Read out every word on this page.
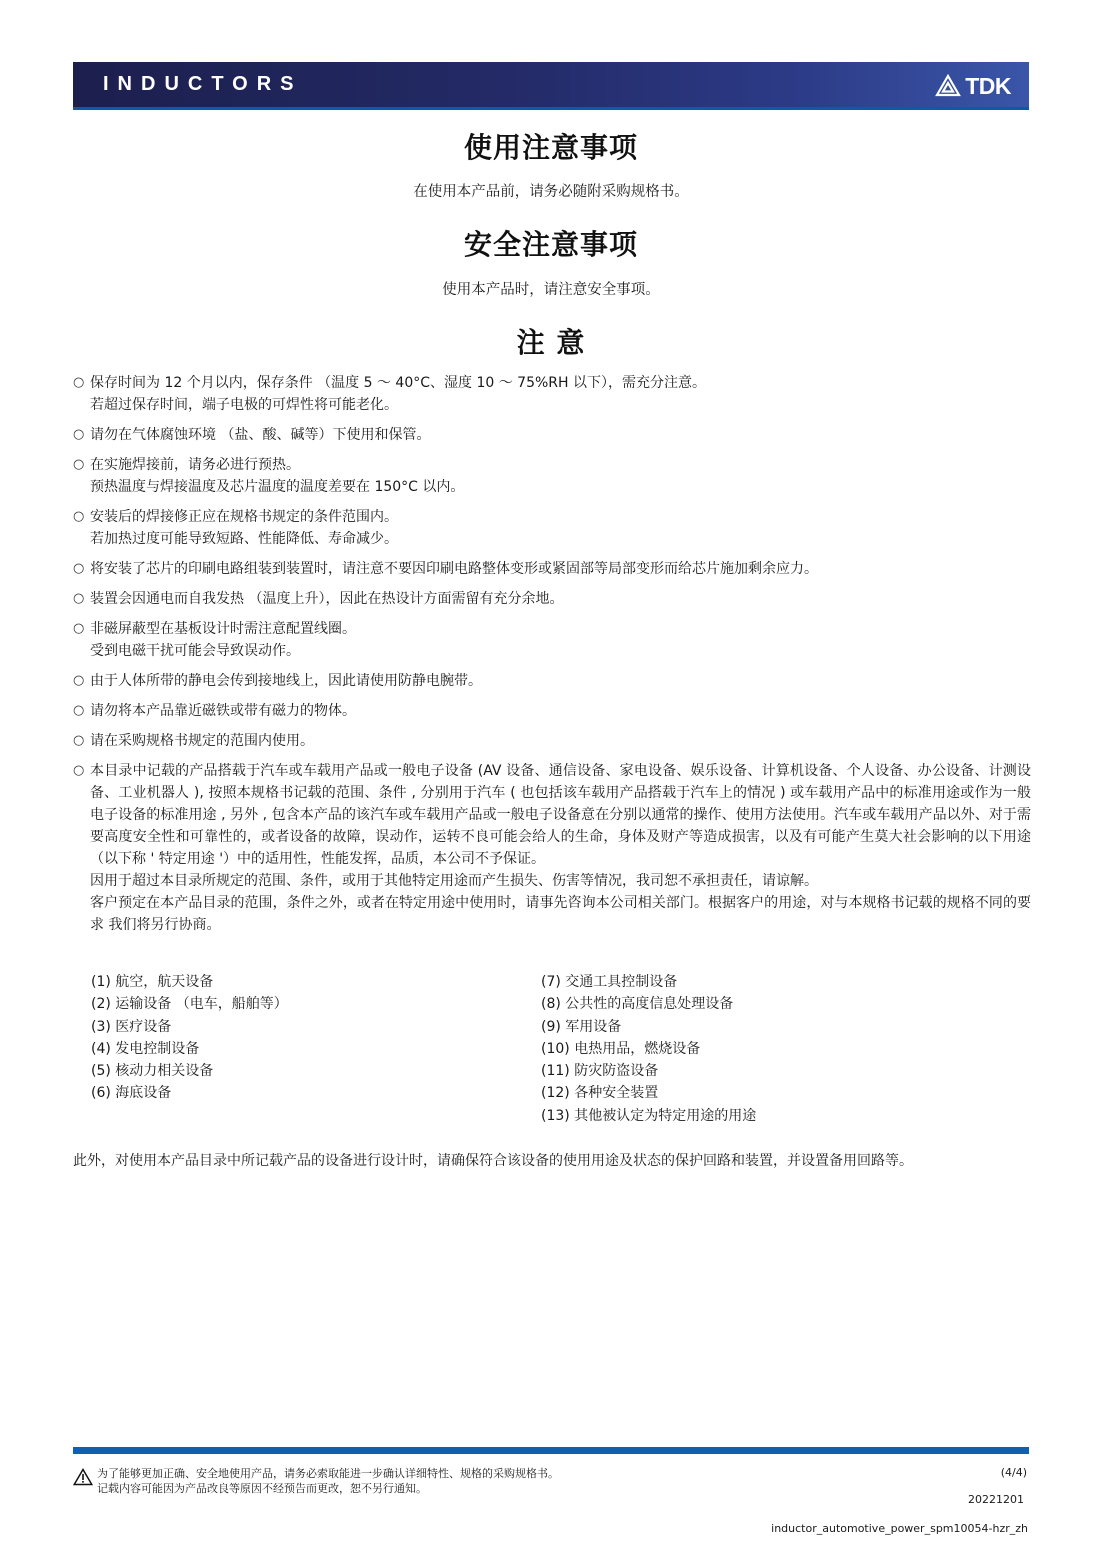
INDUCTORS	TDK
使用注意事项

在使用本产品前，请务必随附采购规格书。

安全注意事项

使用本产品时，请注意安全事项。

注 意
○ 保存时间为 12 个月以内，保存条件 （温度 5 ～ 40°C、湿度 10 ～ 75%RH 以下），需充分注意。
若超过保存时间，端子电极的可焊性将可能老化。
○ 请勿在气体腐蚀环境 （盐、酸、碱等）下使用和保管。
○ 在实施焊接前，请务必进行预热。
预热温度与焊接温度及芯片温度的温度差要在 150°C 以内。
○ 安装后的焊接修正应在规格书规定的条件范围内。
若加热过度可能导致短路、性能降低、寿命减少。
○ 将安装了芯片的印刷电路组装到装置时，请注意不要因印刷电路整体变形或紧固部等局部变形而给芯片施加剩余应力。
○ 装置会因通电而自我发热 （温度上升），因此在热设计方面需留有充分余地。
○ 非磁屏蔽型在基板设计时需注意配置线圈。
受到电磁干扰可能会导致误动作。
○ 由于人体所带的静电会传到接地线上，因此请使用防静电腕带。
○ 请勿将本产品靠近磁铁或带有磁力的物体。
○ 请在采购规格书规定的范围内使用。
○ 本目录中记载的产品搭载于汽车或车载用产品或一般电子设备 (AV 设备、通信设备、家电设备、娱乐设备、计算机设备、个人设备、办公设备、计测设备、工业机器人 ), 按照本规格书记载的范围、条件 , 分别用于汽车 ( 也包括该车载用产品搭载于汽车上的情况 ) 或车载用产品中的标准用途或作为一般电子设备的标准用途 , 另外 , 包含本产品的该汽车或车载用产品或一般电子设备意在分别以通常的操作、使用方法使用。汽车或车载用产品以外、对于需要高度安全性和可靠性的，或者设备的故障，误动作，运转不良可能会给人的生命，身体及财产等造成损害，以及有可能产生莫大社会影响的以下用途 （以下称 ' 特定用途 '）中的适用性，性能发挥，品质，本公司不予保证。
因用于超过本目录所规定的范围、条件，或用于其他特定用途而产生损失、伤害等情况，我司恕不承担责任，请谅解。
客户预定在本产品目录的范围，条件之外，或者在特定用途中使用时，请事先咨询本公司相关部门。根据客户的用途，对与本规格书记载的规格不同的要求 我们将另行协商。
(1) 航空，航天设备
(2) 运输设备 （电车，船舶等）
(3) 医疗设备
(4) 发电控制设备
(5) 核动力相关设备
(6) 海底设备
(7) 交通工具控制设备
(8) 公共性的高度信息处理设备
(9) 军用设备
(10) 电热用品，燃烧设备
(11) 防灾防盗设备
(12) 各种安全装置
(13) 其他被认定为特定用途的用途
此外，对使用本产品目录中所记载产品的设备进行设计时，请确保符合该设备的使用用途及状态的保护回路和装置，并设置备用回路等。
为了能够更加正确、安全地使用产品，请务必索取能进一步确认详细特性、规格的采购规格书。
记载内容可能因为产品改良等原因不经预告而更改，恕不另行通知。
(4/4)
20221201
inductor_automotive_power_spm10054-hzr_zh
